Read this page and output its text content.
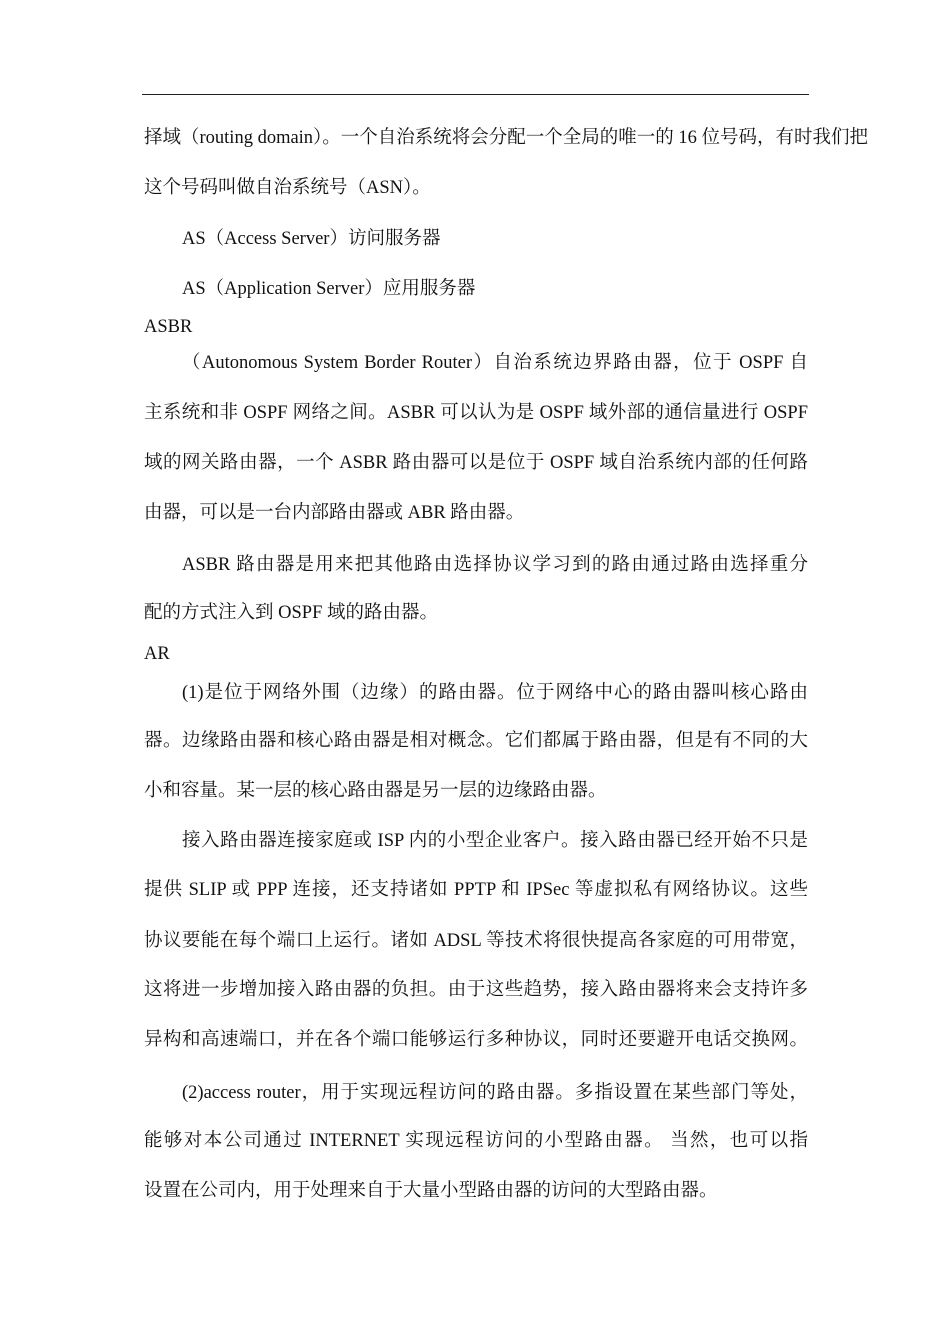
择域（routing domain）。一个自治系统将会分配一个全局的唯一的 16 位号码，有时我们把
这个号码叫做自治系统号（ASN）。
AS（Access Server）访问服务器
AS（Application Server）应用服务器
ASBR
（Autonomous System Border Router）自治系统边界路由器，位于 OSPF 自
主系统和非 OSPF 网络之间。ASBR 可以认为是 OSPF 域外部的通信量进行 OSPF
域的网关路由器，一个 ASBR 路由器可以是位于 OSPF 域自治系统内部的任何路
由器，可以是一台内部路由器或 ABR 路由器。
ASBR 路由器是用来把其他路由选择协议学习到的路由通过路由选择重分
配的方式注入到 OSPF 域的路由器。
AR
(1)是位于网络外围（边缘）的路由器。位于网络中心的路由器叫核心路由
器。边缘路由器和核心路由器是相对概念。它们都属于路由器，但是有不同的大
小和容量。某一层的核心路由器是另一层的边缘路由器。
接入路由器连接家庭或 ISP 内的小型企业客户。接入路由器已经开始不只是
提供 SLIP 或 PPP 连接，还支持诸如 PPTP 和 IPSec 等虚拟私有网络协议。这些
协议要能在每个端口上运行。诸如 ADSL 等技术将很快提高各家庭的可用带宽，
这将进一步增加接入路由器的负担。由于这些趋势，接入路由器将来会支持许多
异构和高速端口，并在各个端口能够运行多种协议，同时还要避开电话交换网。
(2)access router，用于实现远程访问的路由器。多指设置在某些部门等处，
能够对本公司通过 INTERNET 实现远程访问的小型路由器。 当然，也可以指
设置在公司内，用于处理来自于大量小型路由器的访问的大型路由器。
